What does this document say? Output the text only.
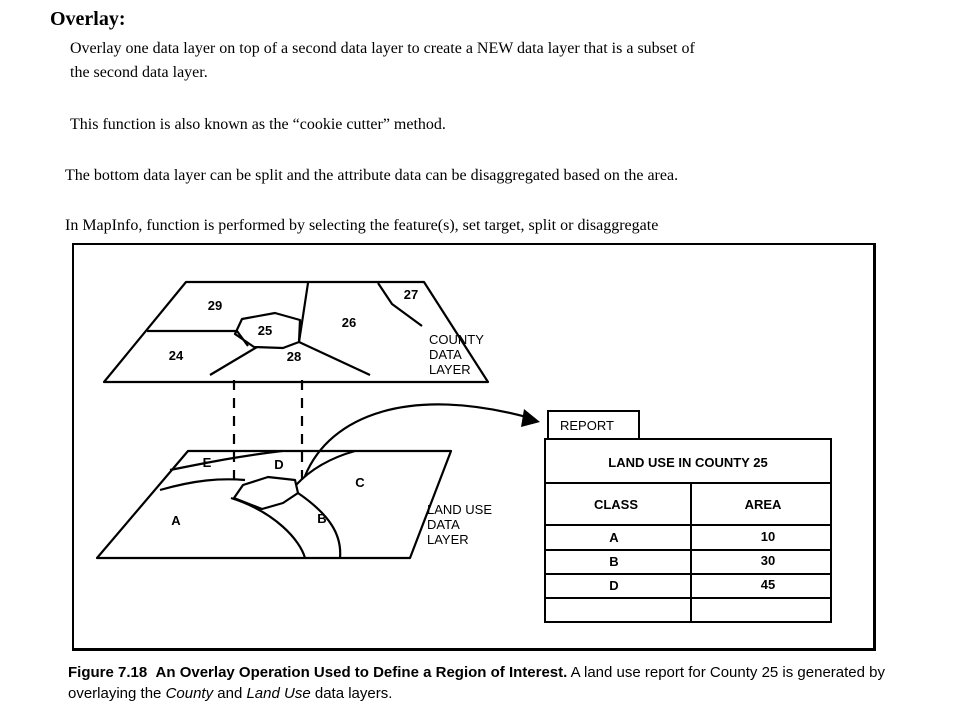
Overlay:
Overlay one data layer on top of a second data layer to create a NEW data layer that is a subset of
the second data layer.
This function is also known as the “cookie cutter” method.
The bottom data layer can be split and the attribute data can be disaggregated based on the area.
In MapInfo, function is performed by selecting the feature(s), set target, split or disaggregate
29
27
25
26
24	28
E	D
C
A	B
COUNTY
DATA
LAYER
LAND USE
DATA
LAYER
REPORT
LAND USE IN COUNTY 25
CLASS	AREA
A	10
B	30
D	45
Figure 7.18 An Overlay Operation Used to Define a Region of Interest. A land use report for County 25 is generated by overlaying the County and Land Use data layers.
